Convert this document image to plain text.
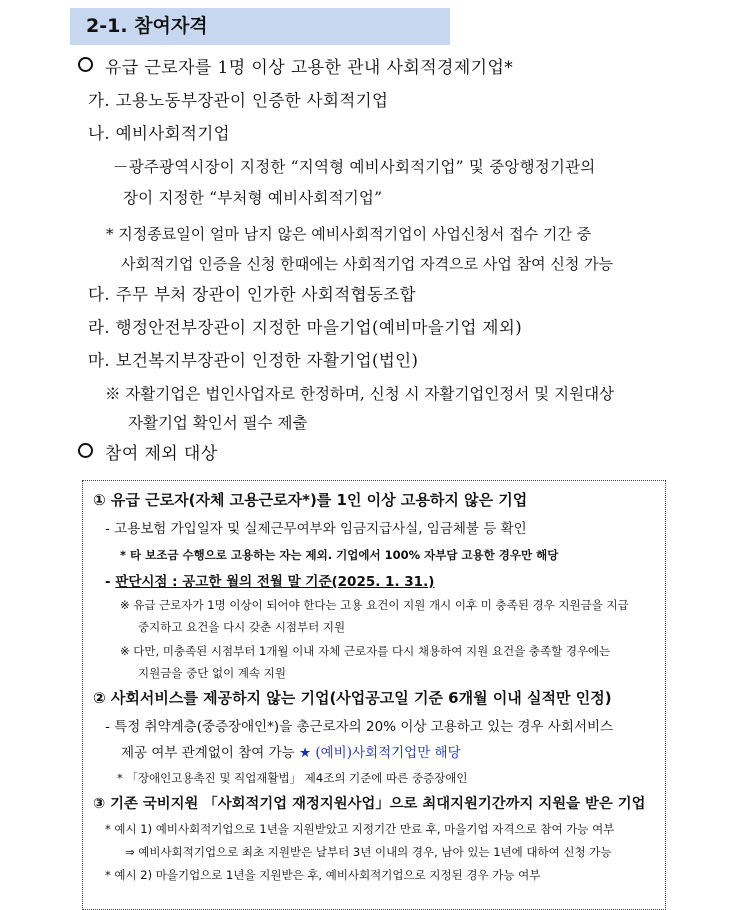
2-1. 참여자격
유급 근로자를 1명 이상 고용한 관내 사회적경제기업*
가. 고용노동부장관이 인증한 사회적기업
나. 예비사회적기업
－광주광역시장이 지정한 “지역형 예비사회적기업” 및 중앙행정기관의
장이 지정한 “부처형 예비사회적기업”
* 지정종료일이 얼마 남지 않은 예비사회적기업이 사업신청서 접수 기간 중
사회적기업 인증을 신청 한때에는 사회적기업 자격으로 사업 참여 신청 가능
다. 주무 부처 장관이 인가한 사회적협동조합
라. 행정안전부장관이 지정한 마을기업(예비마을기업 제외)
마. 보건복지부장관이 인정한 자활기업(법인)
※ 자활기업은 법인사업자로 한정하며, 신청 시 자활기업인정서 및 지원대상
자활기업 확인서 필수 제출
참여 제외 대상
① 유급 근로자(자체 고용근로자*)를 1인 이상 고용하지 않은 기업
- 고용보험 가입일자 및 실제근무여부와 임금지급사실, 임금체불 등 확인
* 타 보조금 수행으로 고용하는 자는 제외. 기업에서 100% 자부담 고용한 경우만 해당
- 판단시점 : 공고한 월의 전월 말 기준(2025. 1. 31.)
※ 유급 근로자가 1명 이상이 되어야 한다는 고용 요건이 지원 개시 이후 미 충족된 경우 지원금을 지급
중지하고 요건을 다시 갖춘 시점부터 지원
※ 다만, 미충족된 시점부터 1개월 이내 자체 근로자를 다시 채용하여 지원 요건을 충족할 경우에는
지원금을 중단 없이 계속 지원
② 사회서비스를 제공하지 않는 기업(사업공고일 기준 6개월 이내 실적만 인정)
- 특정 취약계층(중증장애인*)을 총근로자의 20% 이상 고용하고 있는 경우 사회서비스
제공 여부 관계없이 참여 가능 ★ (예비)사회적기업만 해당
* 「장애인고용촉진 및 직업재활법」 제4조의 기준에 따른 중증장애인
③ 기존 국비지원 「사회적기업 재정지원사업」으로 최대지원기간까지 지원을 받은 기업
* 예시 1) 예비사회적기업으로 1년을 지원받았고 지정기간 만료 후, 마을기업 자격으로 참여 가능 여부
⇒ 예비사회적기업으로 최초 지원받은 날부터 3년 이내의 경우, 남아 있는 1년에 대하여 신청 가능
* 예시 2) 마을기업으로 1년을 지원받은 후, 예비사회적기업으로 지정된 경우 가능 여부
